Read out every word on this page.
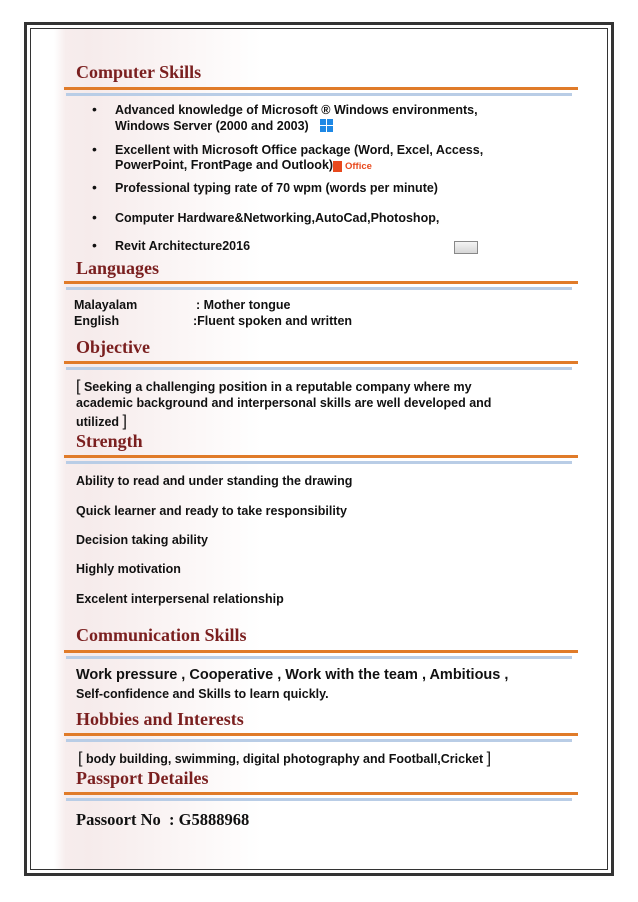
Computer Skills
• Advanced knowledge of Microsoft ® Windows environments,
Windows Server (2000 and 2003)
• Excellent with Microsoft Office package (Word, Excel, Access,
PowerPoint, FrontPage and Outlook) Office
• Professional typing rate of 70 wpm (words per minute)
• Computer Hardware&Networking,AutoCad,Photoshop,
• Revit Architecture2016
Languages
Malayalam	: Mother tongue
English	:Fluent spoken and written
Objective
[ Seeking a challenging position in a reputable company where my
academic background and interpersonal skills are well developed and
utilized ]
Strength
Ability to read and under standing the drawing
Quick learner and ready to take responsibility
Decision taking ability
Highly motivation
Excelent interpersenal relationship
Communication Skills
Work pressure , Cooperative , Work with the team , Ambitious ,
Self-confidence and Skills to learn quickly.
Hobbies and Interests
[ body building, swimming, digital photography and Football,Cricket ]
Passport Detailes
Passoort No : G5888968
